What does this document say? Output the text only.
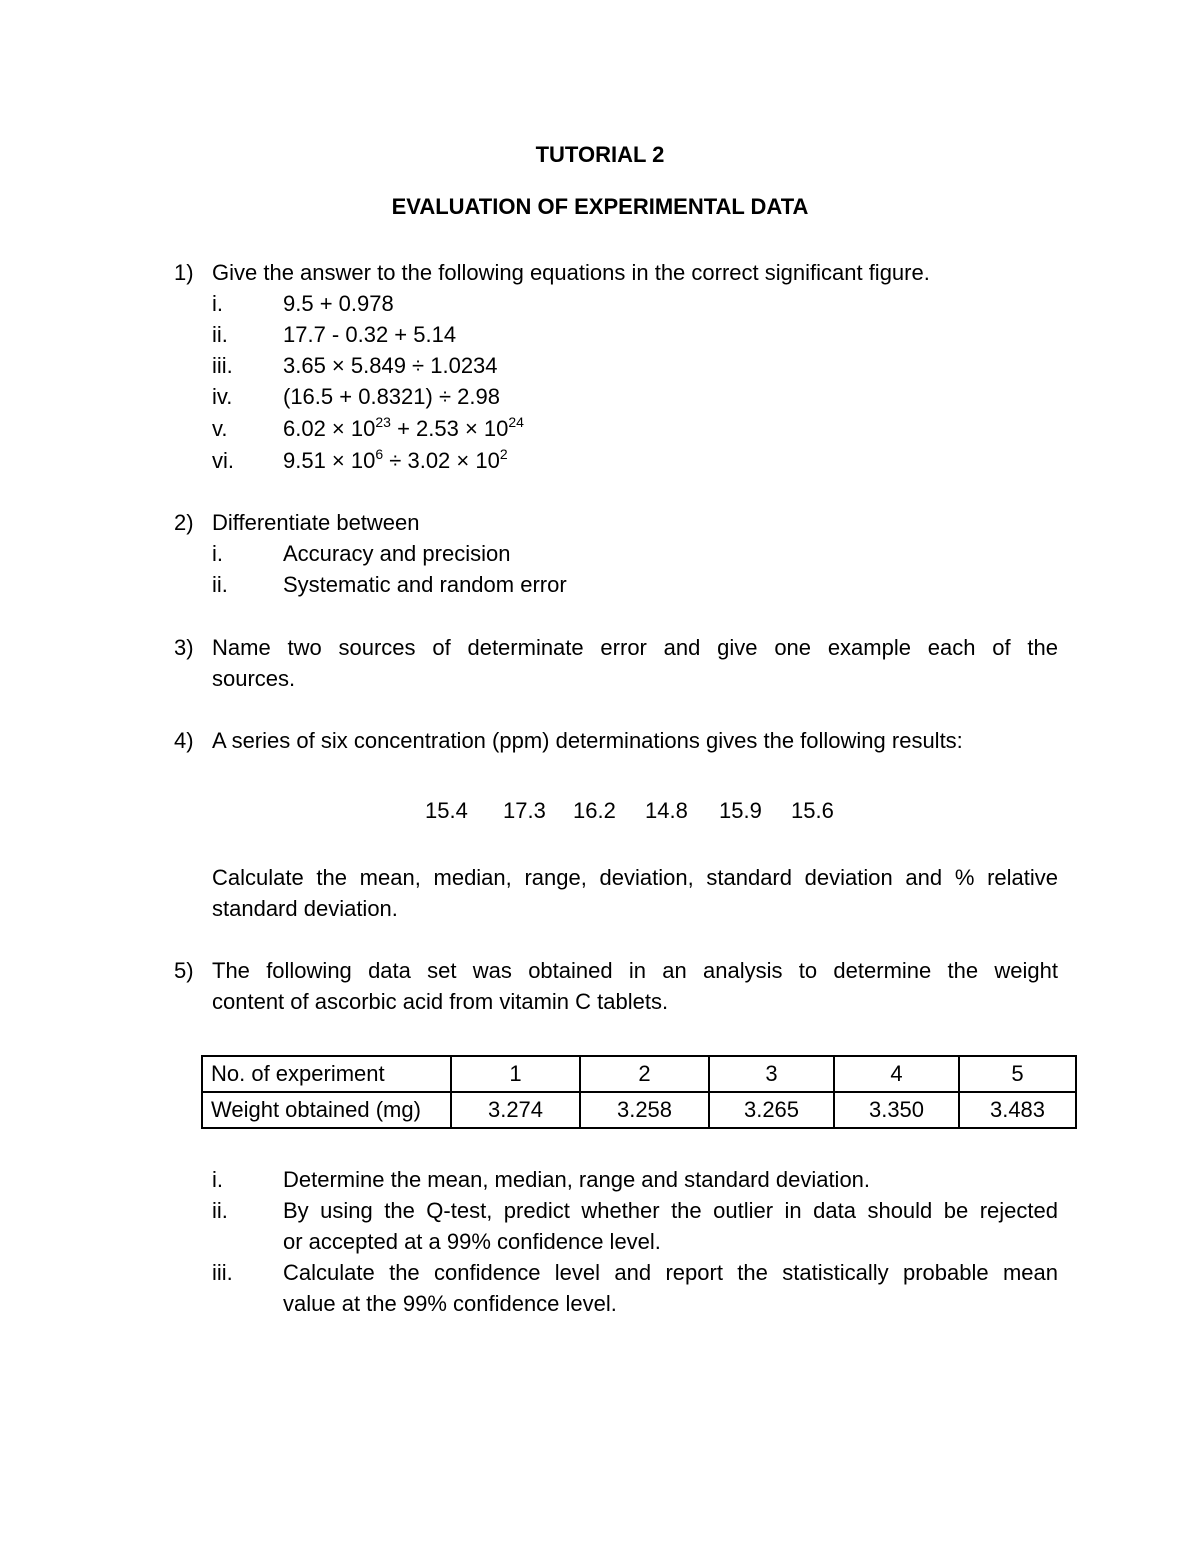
TUTORIAL 2
EVALUATION OF EXPERIMENTAL DATA
1) Give the answer to the following equations in the correct significant figure.
i.	9.5 + 0.978
ii.	17.7 - 0.32 + 5.14
iii. 3.65 × 5.849 ÷ 1.0234
iv. (16.5 + 0.8321) ÷ 2.98
v.	$6.02 \times 10^{23} + 2.53 \times 10^{24}$
vi. $9.51 \times 10^6 \div 3.02 \times 10^2$
2) Differentiate between
i.	Accuracy and precision
ii.	Systematic and random error
3) Name two sources of determinate error and give one example each of the
sources.
4) A series of six concentration (ppm) determinations gives the following results:
15.4 17.3 16.2 14.8 15.9 15.6
Calculate the mean, median, range, deviation, standard deviation and % relative
standard deviation.
5) The following data set was obtained in an analysis to determine the weight
content of ascorbic acid from vitamin C tablets.
No. of experiment	1	2	3	4	5
Weight obtained (mg)	3.274	3.258	3.265	3.350	3.483
i.	Determine the mean, median, range and standard deviation.
ii.	By using the Q-test, predict whether the outlier in data should be rejected
or accepted at a 99% confidence level.
iii. Calculate the confidence level and report the statistically probable mean
value at the 99% confidence level.
